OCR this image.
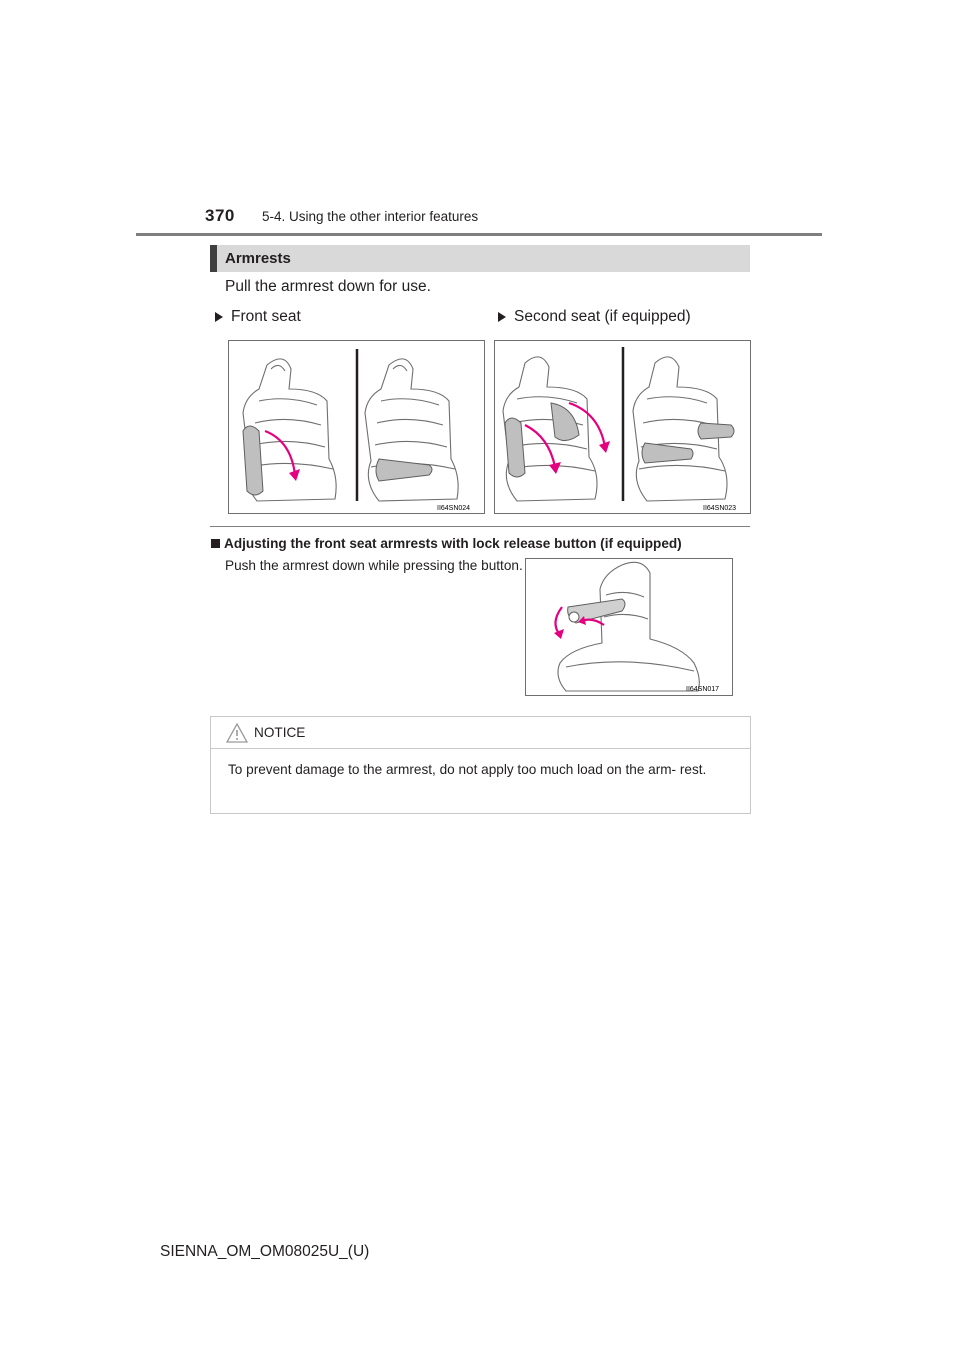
370 5-4. Using the other interior features
Armrests
Pull the armrest down for use.
Front seat	Second seat (if equipped)
II64SN024	II64SN023
Adjusting the front seat armrests with lock release button (if equipped)
Push the armrest down while pressing the button.
II64SN017
NOTICE
To prevent damage to the armrest, do not apply too much load on the arm- rest.
SIENNA_OM_OM08025U_(U)
